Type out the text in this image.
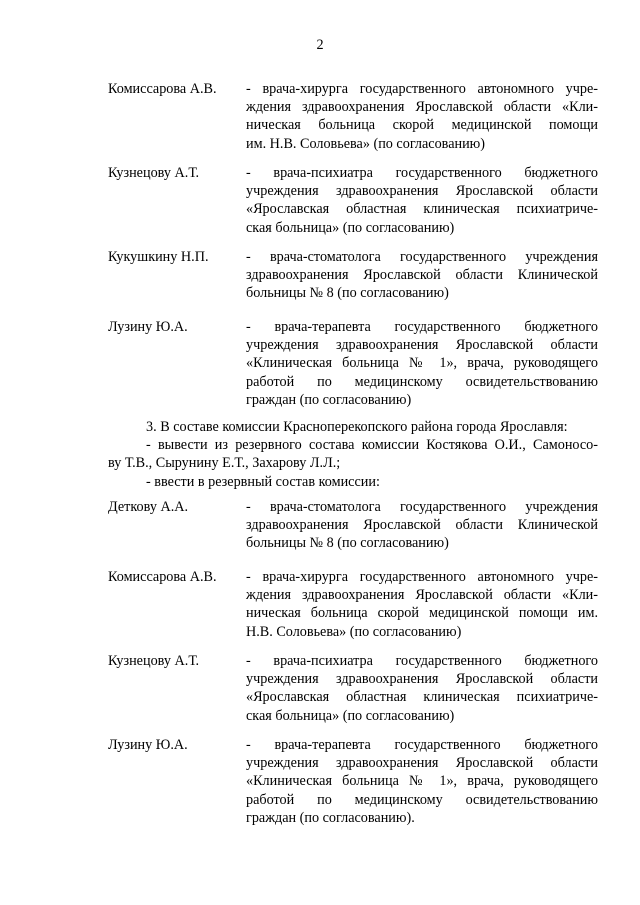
2
Комиссарова А.В.	- врача-хирурга государственного автономного учре-
ждения здравоохранения Ярославской области «Кли-
ническая больница скорой медицинской помощи
им. Н.В. Соловьева» (по согласованию)
Кузнецову А.Т.	- врача-психиатра государственного бюджетного
учреждения здравоохранения Ярославской области
«Ярославская областная клиническая психиатриче-
ская больница» (по согласованию)
Кукушкину Н.П.	- врача-стоматолога государственного учреждения
здравоохранения Ярославской области Клинической
больницы № 8 (по согласованию)
Лузину Ю.А.	- врача-терапевта государственного бюджетного
учреждения здравоохранения Ярославской области
«Клиническая больница № 1», врача, руководящего
работой по медицинскому освидетельствованию
граждан (по согласованию)
3. В составе комиссии Красноперекопского района города Ярославля:
- вывести из резервного состава комиссии Костякова О.И., Самоносо-
ву Т.В., Сырунину Е.Т., Захарову Л.Л.;
- ввести в резервный состав комиссии:
Деткову А.А.	- врача-стоматолога государственного учреждения
здравоохранения Ярославской области Клинической
больницы № 8 (по согласованию)
Комиссарова А.В.	- врача-хирурга государственного автономного учре-
ждения здравоохранения Ярославской области «Кли-
ническая больница скорой медицинской помощи им.
Н.В. Соловьева» (по согласованию)
Кузнецову А.Т.	- врача-психиатра государственного бюджетного
учреждения здравоохранения Ярославской области
«Ярославская областная клиническая психиатриче-
ская больница» (по согласованию)
Лузину Ю.А.	- врача-терапевта государственного бюджетного
учреждения здравоохранения Ярославской области
«Клиническая больница № 1», врача, руководящего
работой по медицинскому освидетельствованию
граждан (по согласованию).
